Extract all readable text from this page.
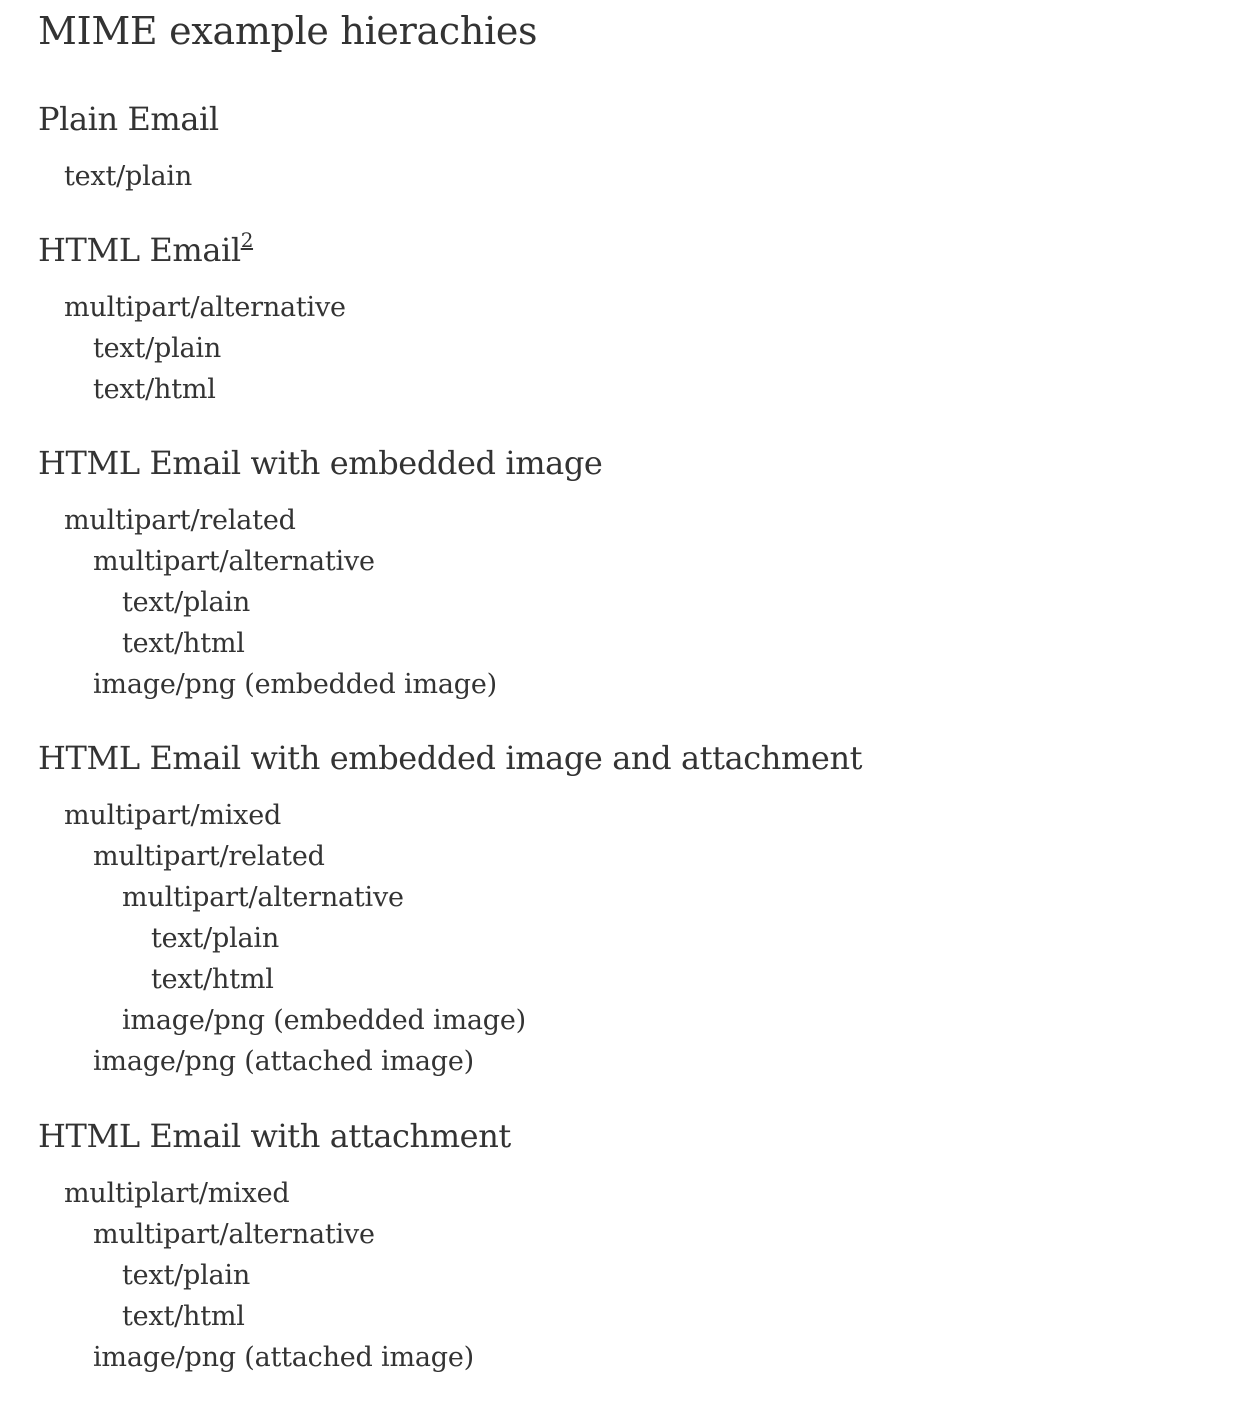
MIME example hierachies
Plain Email
text/plain
HTML Email$^2$
multipart/alternative
text/plain
text/html
HTML Email with embedded image
multipart/related
multipart/alternative
text/plain
text/html
image/png (embedded image)
HTML Email with embedded image and attachment
multipart/mixed
multipart/related
multipart/alternative
text/plain
text/html
image/png (embedded image)
image/png (attached image)
HTML Email with attachment
multiplart/mixed
multipart/alternative
text/plain
text/html
image/png (attached image)
